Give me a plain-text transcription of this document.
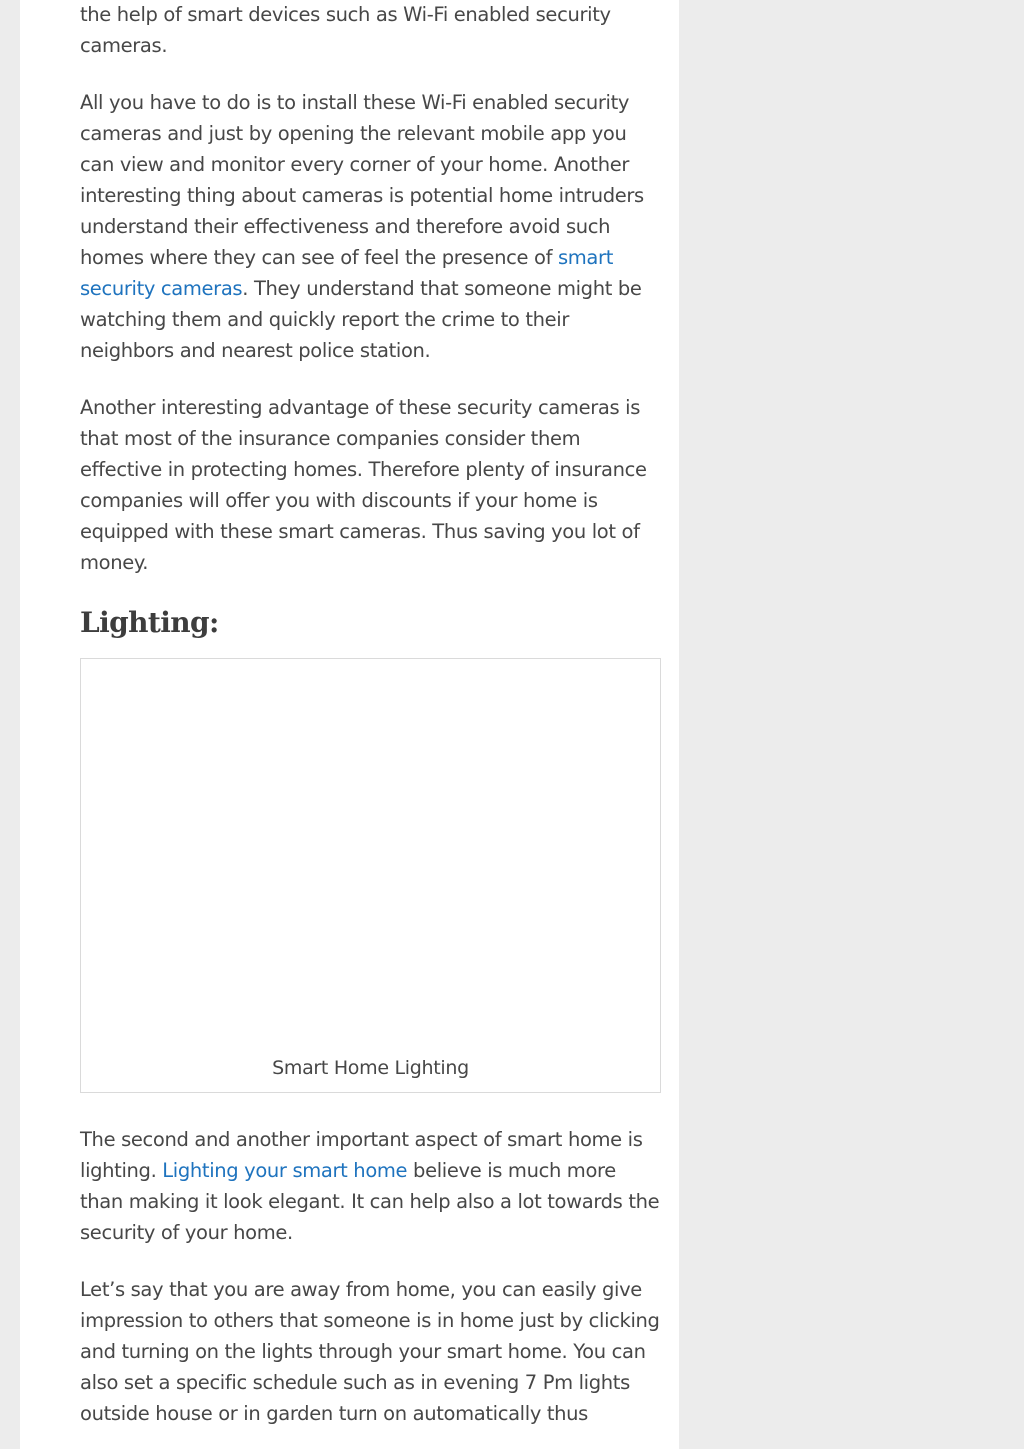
the help of smart devices such as Wi-Fi enabled security cameras.

All you have to do is to install these Wi-Fi enabled security cameras and just by opening the relevant mobile app you can view and monitor every corner of your home. Another interesting thing about cameras is potential home intruders understand their effectiveness and therefore avoid such homes where they can see of feel the presence of smart security cameras. They understand that someone might be watching them and quickly report the crime to their neighbors and nearest police station.

Another interesting advantage of these security cameras is that most of the insurance companies consider them effective in protecting homes. Therefore plenty of insurance companies will offer you with discounts if your home is equipped with these smart cameras. Thus saving you lot of money.

Lighting:
Smart Home Lighting

The second and another important aspect of smart home is lighting. Lighting your smart home believe is much more than making it look elegant. It can help also a lot towards the security of your home.

Let’s say that you are away from home, you can easily give impression to others that someone is in home just by clicking and turning on the lights through your smart home. You can also set a specific schedule such as in evening 7 Pm lights outside house or in garden turn on automatically thus
